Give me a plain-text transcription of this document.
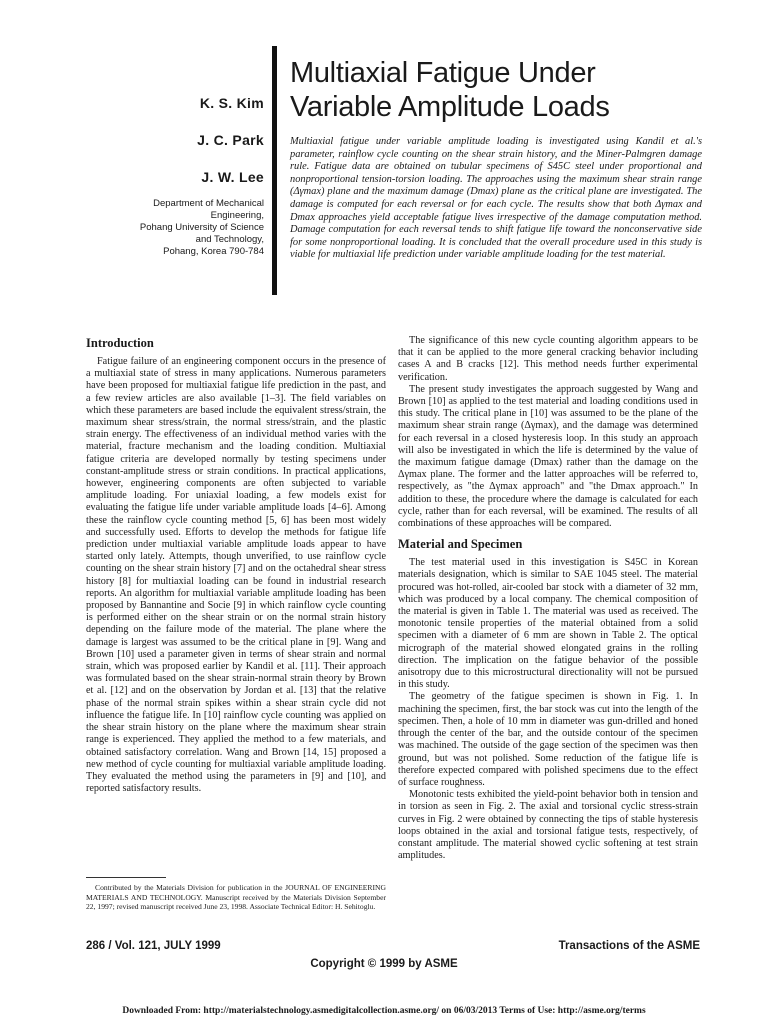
K. S. Kim

J. C. Park

J. W. Lee

Department of Mechanical Engineering,
Pohang University of Science
and Technology,
Pohang, Korea 790-784
Multiaxial Fatigue Under
Variable Amplitude Loads

Multiaxial fatigue under variable amplitude loading is investigated using Kandil et al.'s parameter, rainflow cycle counting on the shear strain history, and the Miner-Palmgren damage rule. Fatigue data are obtained on tubular specimens of S45C steel under proportional and nonproportional tension-torsion loading. The approaches using the maximum shear strain range (Δγmax) plane and the maximum damage (Dmax) plane as the critical plane are investigated. The damage is computed for each reversal or for each cycle. The results show that both Δγmax and Dmax approaches yield acceptable fatigue lives irrespective of the damage computation method. Damage computation for each reversal tends to shift fatigue life toward the nonconservative side for some nonproportional loading. It is concluded that the overall procedure used in this study is viable for multiaxial life prediction under variable amplitude loading for the test material.

Introduction

Fatigue failure of an engineering component occurs in the presence of a multiaxial state of stress in many applications. Numerous parameters have been proposed for multiaxial fatigue life prediction in the past, and a few review articles are also available [1–3]. The field variables on which these parameters are based include the equivalent stress/strain, the maximum shear stress/strain, the normal stress/strain, and the plastic strain energy. The effectiveness of an individual method varies with the material, fracture mechanism and the loading condition. Multiaxial fatigue criteria are developed normally by testing specimens under constant-amplitude stress or strain conditions. In practical applications, however, engineering components are often subjected to variable amplitude loading. For uniaxial loading, a few models exist for evaluating the fatigue life under variable amplitude loads [4–6]. Among these the rainflow cycle counting method [5, 6] has been most widely and successfully used. Efforts to develop the methods for fatigue life prediction under multiaxial variable amplitude loads appear to have started only lately. Attempts, though unverified, to use rainflow cycle counting on the shear strain history [7] and on the octahedral shear stress history [8] for multiaxial loading can be found in industrial research reports. An algorithm for multiaxial variable amplitude loading has been proposed by Bannantine and Socie [9] in which rainflow cycle counting is performed either on the shear strain or on the normal strain history depending on the failure mode of the material. The plane where the damage is largest was assumed to be the critical plane in [9]. Wang and Brown [10] used a parameter given in terms of shear strain and normal strain, which was proposed earlier by Kandil et al. [11]. Their approach was formulated based on the shear strain-normal strain theory by Brown et al. [12] and on the observation by Jordan et al. [13] that the relative phase of the normal strain spikes within a shear strain cycle did not influence the fatigue life. In [10] rainflow cycle counting was applied on the shear strain history on the plane where the maximum shear strain range is experienced. They applied the method to a few materials, and obtained satisfactory correlation. Wang and Brown [14, 15] proposed a new method of cycle counting for multiaxial variable amplitude loading. They evaluated the method using the parameters in [9] and [10], and reported satisfactory results.

Contributed by the Materials Division for publication in the JOURNAL OF ENGINEERING MATERIALS AND TECHNOLOGY. Manuscript received by the Materials Division September 22, 1997; revised manuscript received June 23, 1998. Associate Technical Editor: H. Sehitoglu.

The significance of this new cycle counting algorithm appears to be that it can be applied to the more general cracking behavior including cases A and B cracks [12]. This method needs further experimental verification.

The present study investigates the approach suggested by Wang and Brown [10] as applied to the test material and loading conditions used in this study. The critical plane in [10] was assumed to be the plane of the maximum shear strain range (Δγmax), and the damage was determined for each reversal in a closed hysteresis loop. In this study an approach will also be investigated in which the life is determined by the value of the maximum fatigue damage (Dmax) rather than the damage on the Δγmax plane. The former and the latter approaches will be referred to, respectively, as "the Δγmax approach" and "the Dmax approach." In addition to these, the procedure where the damage is calculated for each cycle, rather than for each reversal, will be examined. The results of all combinations of these approaches will be compared.

Material and Specimen

The test material used in this investigation is S45C in Korean materials designation, which is similar to SAE 1045 steel. The material procured was hot-rolled, air-cooled bar stock with a diameter of 32 mm, which was produced by a local company. The chemical composition of the material is given in Table 1. The material was used as received. The monotonic tensile properties of the material obtained from a solid specimen with a diameter of 6 mm are shown in Table 2. The optical micrograph of the material showed elongated grains in the rolling direction. The implication on the fatigue behavior of the possible anisotropy due to this microstructural directionality will not be pursued in this study.

The geometry of the fatigue specimen is shown in Fig. 1. In machining the specimen, first, the bar stock was cut into the length of the specimen. Then, a hole of 10 mm in diameter was gun-drilled and honed through the center of the bar, and the outside contour of the specimen was machined. The outside of the gage section of the specimen was then ground, but was not polished. Some reduction of the fatigue life is therefore expected compared with polished specimens due to the effect of surface roughness.

Monotonic tests exhibited the yield-point behavior both in tension and in torsion as seen in Fig. 2. The axial and torsional cyclic stress-strain curves in Fig. 2 were obtained by connecting the tips of stable hysteresis loops obtained in the axial and torsional fatigue tests, respectively, of constant amplitude. The material showed cyclic softening at test strain amplitudes.

286 / Vol. 121, JULY 1999	Transactions of the ASME
Copyright © 1999 by ASME
Downloaded From: http://materialstechnology.asmedigitalcollection.asme.org/ on 06/03/2013 Terms of Use: http://asme.org/terms
